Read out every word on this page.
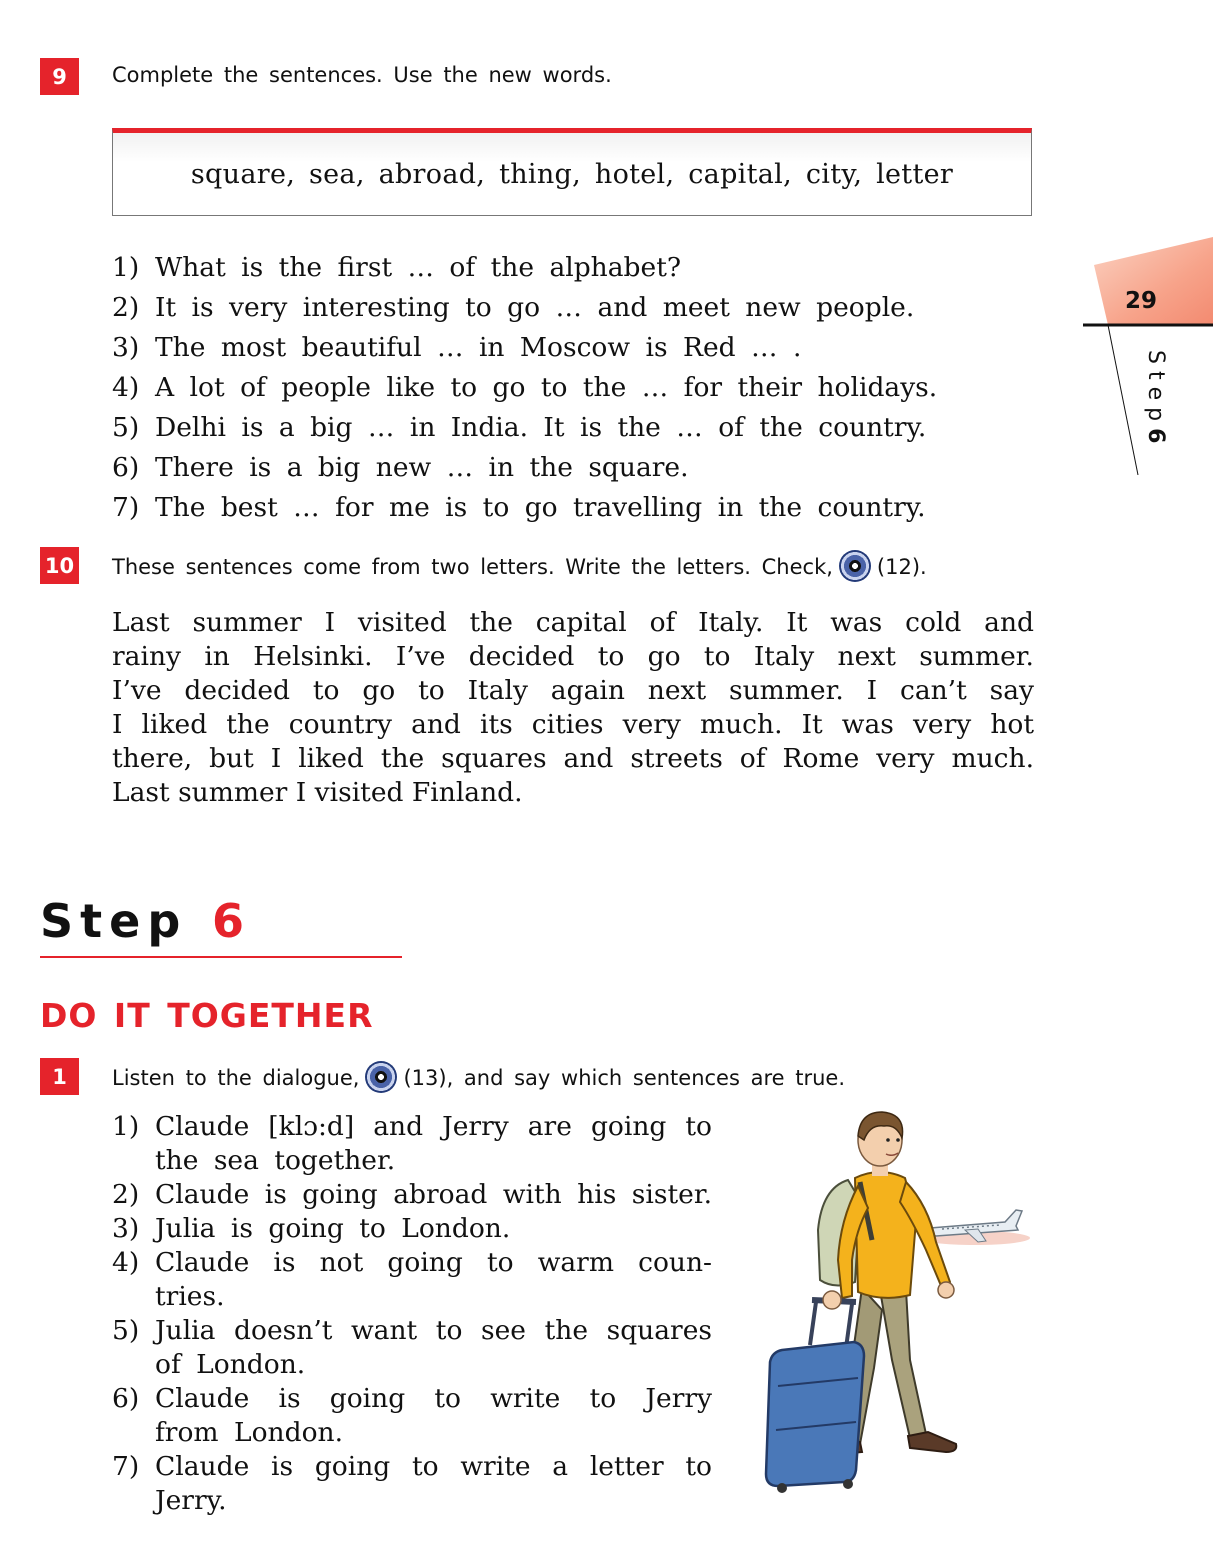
29
Step6
9	Complete the sentences. Use the new words.
square, sea, abroad, thing, hotel, capital, city, letter
1) What is the first … of the alphabet?
2) It is very interesting to go … and meet new people.
3) The most beautiful … in Moscow is Red … .
4) A lot of people like to go to the … for their holidays.
5) Delhi is a big … in India. It is the … of the country.
6) There is a big new … in the square.
7) The best … for me is to go travelling in the country.
10 These sentences come from two letters. Write the letters. Check, (12).
Last summer I visited the capital of Italy. It was cold and
rainy in Helsinki. I’ve decided to go to Italy next summer.
I’ve decided to go to Italy again next summer. I can’t say
I liked the country and its cities very much. It was very hot
there, but I liked the squares and streets of Rome very much.
Last summer I visited Finland.
Step 6
DO IT TOGETHER
1	Listen to the dialogue, (13), and say which sentences are true.
1) Claude [klɔ:d] and Jerry are going to
the sea together.
2) Claude is going abroad with his sister.
3) Julia is going to London.
4) Claude is not going to warm coun-
tries.
5) Julia doesn’t want to see the squares
of London.
6) Claude is going to write to Jerry
from London.
7) Claude is going to write a letter to
Jerry.
